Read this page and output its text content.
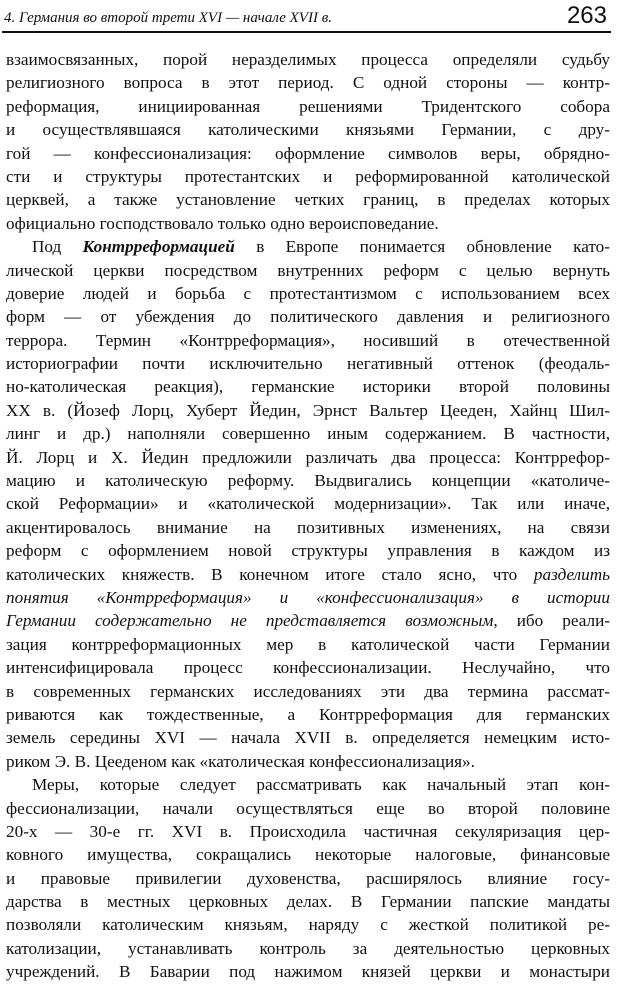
4. Германия во второй трети XVI — начале XVII в.	263
взаимосвязанных, порой неразделимых процесса определяли судьбу
религиозного вопроса в этот период. С одной стороны — контр-
реформация, инициированная решениями Тридентского собора
и осуществлявшаяся католическими князьями Германии, с дру-
гой — конфессионализация: оформление символов веры, обрядно-
сти и структуры протестантских и реформированной католической
церквей, а также установление четких границ, в пределах которых
официально господствовало только одно вероисповедание.
Под Контрреформацией в Европе понимается обновление като-
лической церкви посредством внутренних реформ с целью вернуть
доверие людей и борьба с протестантизмом с использованием всех
форм — от убеждения до политического давления и религиозного
террора. Термин «Контрреформация», носивший в отечественной
историографии почти исключительно негативный оттенок (феодаль-
но-католическая реакция), германские историки второй половины
XX в. (Йозеф Лорц, Хуберт Йедин, Эрнст Вальтер Цееден, Хайнц Шил-
линг и др.) наполняли совершенно иным содержанием. В частности,
Й. Лорц и Х. Йедин предложили различать два процесса: Контррефор-
мацию и католическую реформу. Выдвигались концепции «католиче-
ской Реформации» и «католической модернизации». Так или иначе,
акцентировалось внимание на позитивных изменениях, на связи
реформ с оформлением новой структуры управления в каждом из
католических княжеств. В конечном итоге стало ясно, что разделить
понятия «Контрреформация» и «конфессионализация» в истории
Германии содержательно не представляется возможным, ибо реали-
зация контрреформационных мер в католической части Германии
интенсифицировала процесс конфессионализации. Неслучайно, что
в современных германских исследованиях эти два термина рассмат-
риваются как тождественные, а Контрреформация для германских
земель середины XVI — начала XVII в. определяется немецким исто-
риком Э. В. Цееденом как «католическая конфессионализация».
Меры, которые следует рассматривать как начальный этап кон-
фессионализации, начали осуществляться еще во второй половине
20-х — 30-е гг. XVI в. Происходила частичная секуляризация цер-
ковного имущества, сокращались некоторые налоговые, финансовые
и правовые привилегии духовенства, расширялось влияние госу-
дарства в местных церковных делах. В Германии папские мандаты
позволяли католическим князьям, наряду с жесткой политикой ре-
католизации, устанавливать контроль за деятельностью церковных
учреждений. В Баварии под нажимом князей церкви и монастыри
